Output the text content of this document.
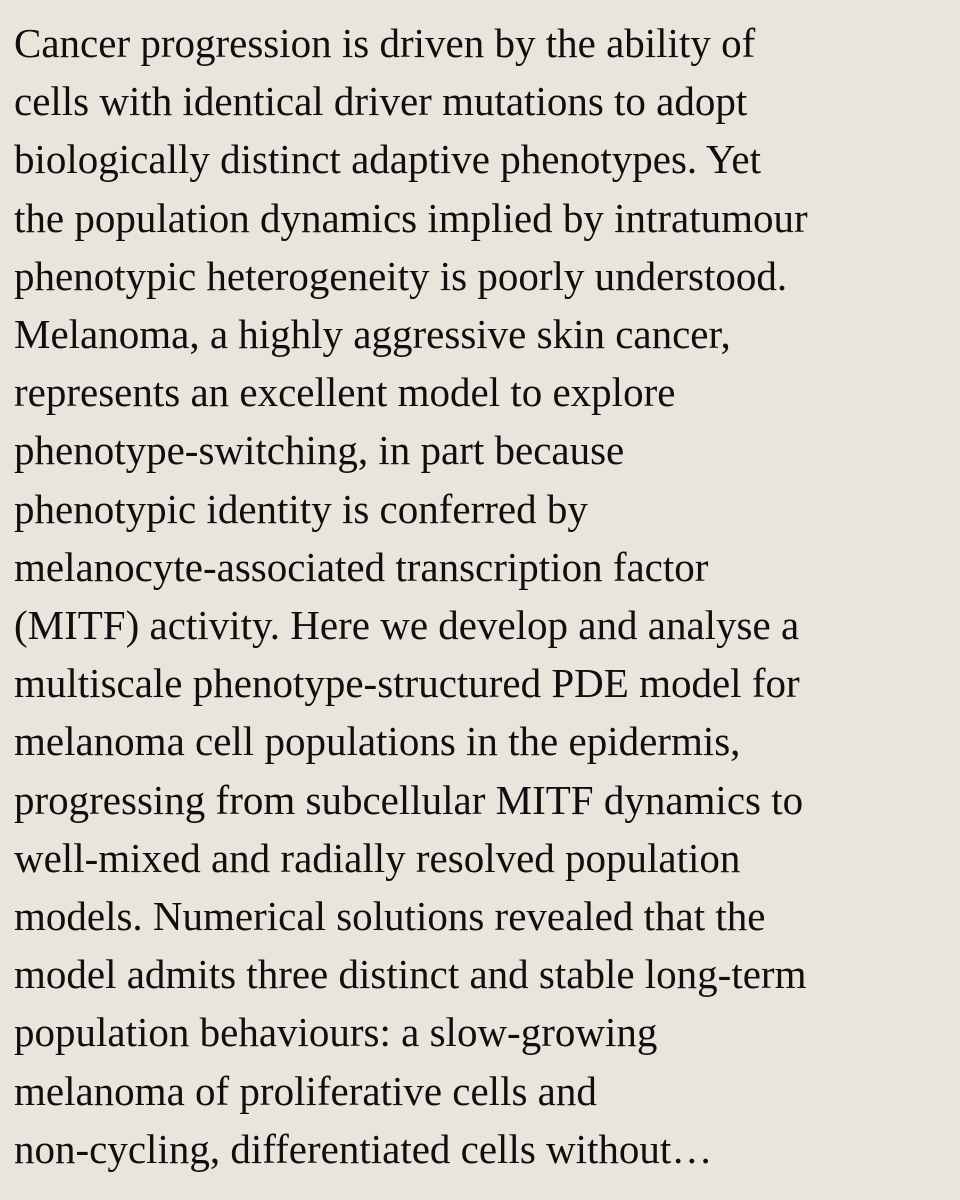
Cancer progression is driven by the ability of
cells with identical driver mutations to adopt
biologically distinct adaptive phenotypes. Yet
the population dynamics implied by intratumour
phenotypic heterogeneity is poorly understood.
Melanoma, a highly aggressive skin cancer,
represents an excellent model to explore
phenotype-switching, in part because
phenotypic identity is conferred by
melanocyte-associated transcription factor
(MITF) activity. Here we develop and analyse a
multiscale phenotype-structured PDE model for
melanoma cell populations in the epidermis,
progressing from subcellular MITF dynamics to
well-mixed and radially resolved population
models. Numerical solutions revealed that the
model admits three distinct and stable long-term
population behaviours: a slow-growing
melanoma of proliferative cells and
non-cycling, differentiated cells without…
